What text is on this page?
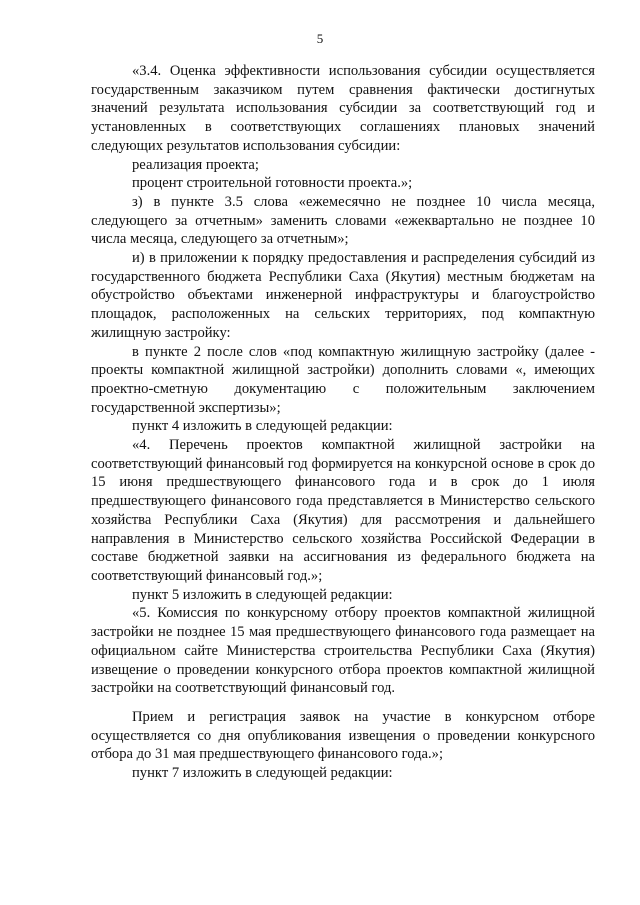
5

«3.4. Оценка эффективности использования субсидии осуществляется государственным заказчиком путем сравнения фактически достигнутых значений результата использования субсидии за соответствующий год и установленных в соответствующих соглашениях плановых значений следующих результатов использования субсидии:

реализация проекта;

процент строительной готовности проекта.»;

з) в пункте 3.5 слова «ежемесячно не позднее 10 числа месяца, следующего за отчетным» заменить словами «ежеквартально не позднее 10 числа месяца, следующего за отчетным»;

и) в приложении к порядку предоставления и распределения субсидий из государственного бюджета Республики Саха (Якутия) местным бюджетам на обустройство объектами инженерной инфраструктуры и благоустройство площадок, расположенных на сельских территориях, под компактную жилищную застройку:

в пункте 2 после слов «под компактную жилищную застройку (далее - проекты компактной жилищной застройки) дополнить словами «, имеющих проектно-сметную документацию с положительным заключением государственной экспертизы»;

пункт 4 изложить в следующей редакции:

«4. Перечень проектов компактной жилищной застройки на соответствующий финансовый год формируется на конкурсной основе в срок до 15 июня предшествующего финансового года и в срок до 1 июля предшествующего финансового года представляется в Министерство сельского хозяйства Республики Саха (Якутия) для рассмотрения и дальнейшего направления в Министерство сельского хозяйства Российской Федерации в составе бюджетной заявки на ассигнования из федерального бюджета на соответствующий финансовый год.»;

пункт 5 изложить в следующей редакции:

«5. Комиссия по конкурсному отбору проектов компактной жилищной застройки не позднее 15 мая предшествующего финансового года размещает на официальном сайте Министерства строительства Республики Саха (Якутия) извещение о проведении конкурсного отбора проектов компактной жилищной застройки на соответствующий финансовый год.

Прием и регистрация заявок на участие в конкурсном отборе осуществляется со дня опубликования извещения о проведении конкурсного отбора до 31 мая предшествующего финансового года.»;

пункт 7 изложить в следующей редакции:
